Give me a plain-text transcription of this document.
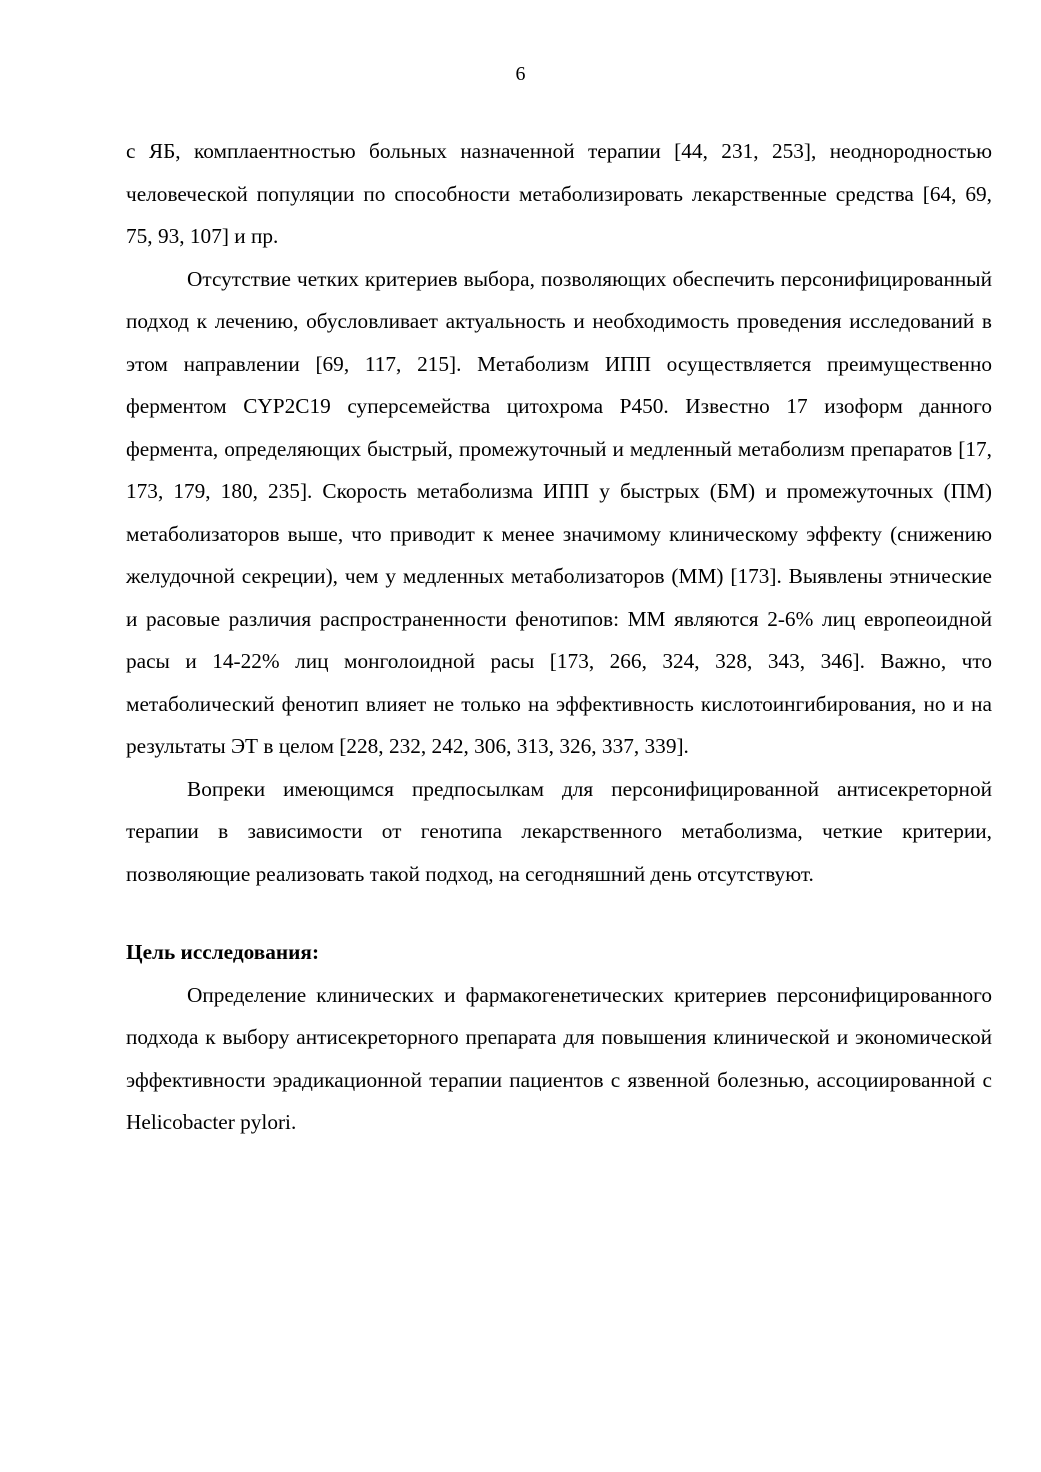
6

с ЯБ, комплаентностью больных назначенной терапии [44, 231, 253], неоднородностью человеческой популяции по способности метаболизировать лекарственные средства [64, 69, 75, 93, 107] и пр.

Отсутствие четких критериев выбора, позволяющих обеспечить персонифицированный подход к лечению, обусловливает актуальность и необходимость проведения исследований в этом направлении [69, 117, 215]. Метаболизм ИПП осуществляется преимущественно ферментом CYP2C19 суперсемейства цитохрома P450. Известно 17 изоформ данного фермента, определяющих быстрый, промежуточный и медленный метаболизм препаратов [17, 173, 179, 180, 235]. Скорость метаболизма ИПП у быстрых (БМ) и промежуточных (ПМ) метаболизаторов выше, что приводит к менее значимому клиническому эффекту (снижению желудочной секреции), чем у медленных метаболизаторов (ММ) [173]. Выявлены этнические и расовые различия распространенности фенотипов: ММ являются 2-6% лиц европеоидной расы и 14-22% лиц монголоидной расы [173, 266, 324, 328, 343, 346]. Важно, что метаболический фенотип влияет не только на эффективность кислотоингибирования, но и на результаты ЭТ в целом [228, 232, 242, 306, 313, 326, 337, 339].

Вопреки имеющимся предпосылкам для персонифицированной антисекреторной терапии в зависимости от генотипа лекарственного метаболизма, четкие критерии, позволяющие реализовать такой подход, на сегодняшний день отсутствуют.

Цель исследования:

Определение клинических и фармакогенетических критериев персонифицированного подхода к выбору антисекреторного препарата для повышения клинической и экономической эффективности эрадикационной терапии пациентов с язвенной болезнью, ассоциированной с Helicobacter pylori.
